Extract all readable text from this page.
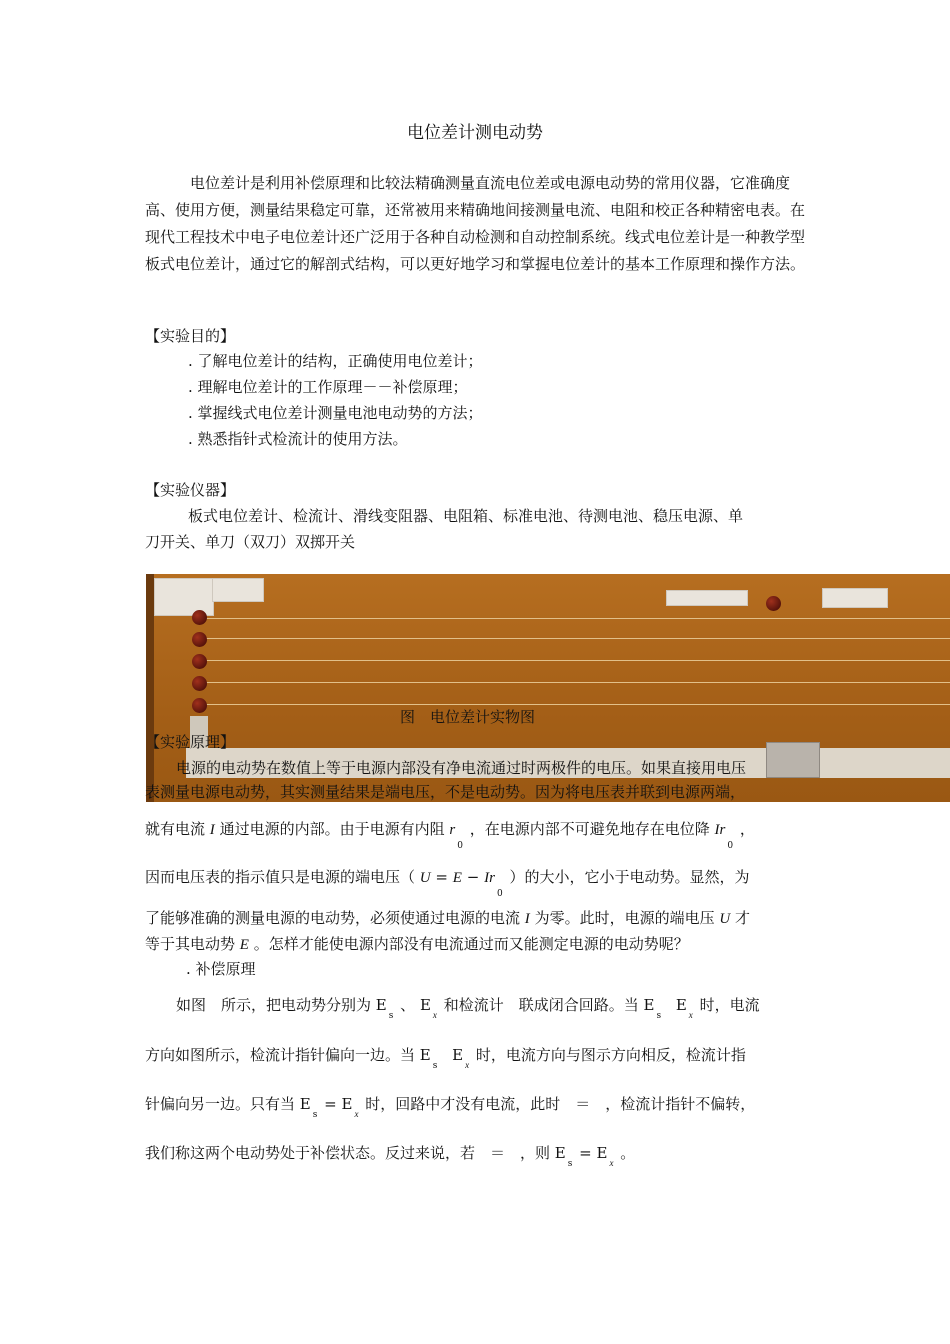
电位差计测电动势
电位差计是利用补偿原理和比较法精确测量直流电位差或电源电动势的常用仪器，它准确度高、使用方便，测量结果稳定可靠，还常被用来精确地间接测量电流、电阻和校正各种精密电表。在现代工程技术中电子电位差计还广泛用于各种自动检测和自动控制系统。线式电位差计是一种教学型板式电位差计，通过它的解剖式结构，可以更好地学习和掌握电位差计的基本工作原理和操作方法。
【实验目的】
. 了解电位差计的结构，正确使用电位差计；
. 理解电位差计的工作原理－－补偿原理；
. 掌握线式电位差计测量电池电动势的方法；
. 熟悉指针式检流计的使用方法。
【实验仪器】
板式电位差计、检流计、滑线变阻器、电阻箱、标准电池、待测电池、稳压电源、单
刀开关、单刀（双刀）双掷开关
图　电位差计实物图
【实验原理】
电源的电动势在数值上等于电源内部没有净电流通过时两极件的电压。如果直接用电压
表测量电源电动势，其实测量结果是端电压，不是电动势。因为将电压表并联到电源两端，
就有电流 I 通过电源的内部。由于电源有内阻 $r_0$ ，在电源内部不可避免地存在电位降 $Ir_0$ ，
因而电压表的指示值只是电源的端电压（ $U = E - Ir_0$ ）的大小，它小于电动势。显然，为
了能够准确的测量电源的电动势，必须使通过电源的电流 I 为零。此时，电源的端电压 U 才
等于其电动势 E 。怎样才能使电源内部没有电流通过而又能测定电源的电动势呢？
. 补偿原理
如图　所示，把电动势分别为 $E_s$ 、 $E_x$ 和检流计　联成闭合回路。当 $E_s$ $E_x$ 时，电流
方向如图所示，检流计指针偏向一边。当 $E_s$ $E_x$ 时，电流方向与图示方向相反，检流计指
针偏向另一边。只有当 $E_s = E_x$ 时，回路中才没有电流，此时　＝　，检流计指针不偏转，
我们称这两个电动势处于补偿状态。反过来说，若　＝　，则 $E_s = E_x$ 。
